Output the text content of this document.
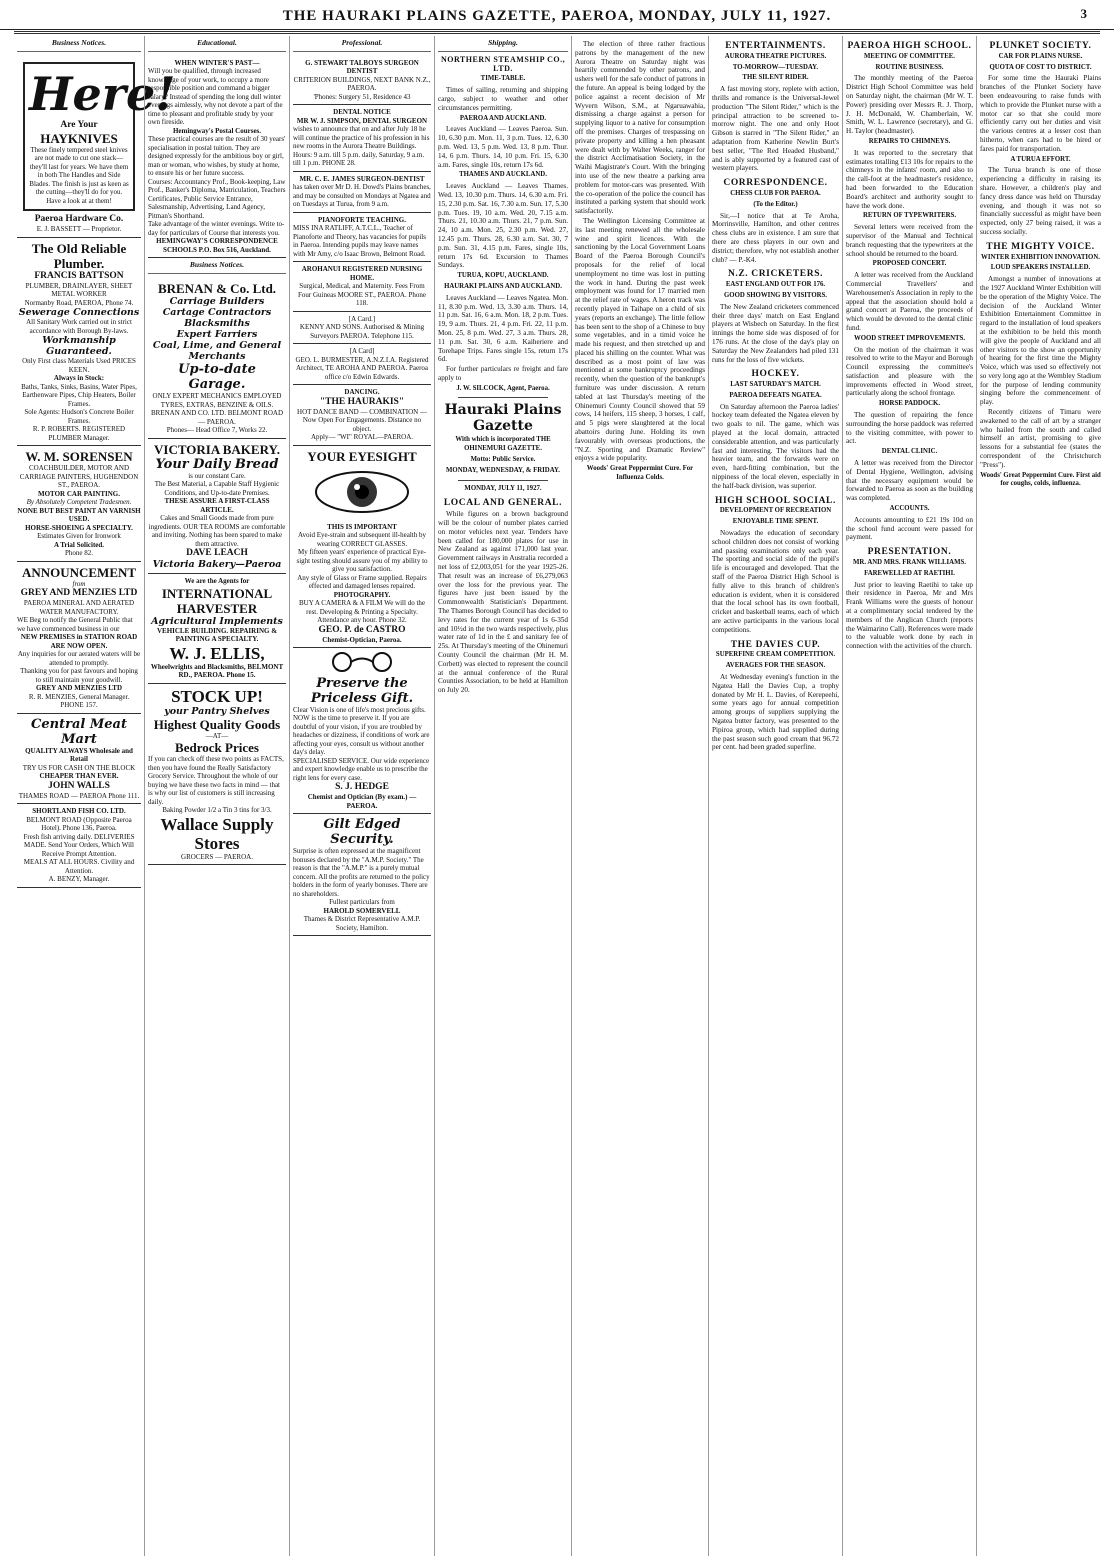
THE HAURAKI PLAINS GAZETTE, PAEROA, MONDAY, JULY 11, 1927.	3
Business Notices.
Here!
Are Your
HAYKNIVES
These finely tempered steel knives are not made to cut one stack—they'll last for years. We have them in both The Handles and Side Blades. The finish is just as keen as the cutting—they'll do for you. Have a look at at them!
Paeroa Hardware Co.
E. J. BASSETT — Proprietor.
The Old Reliable Plumber.
FRANCIS BATTSON
PLUMBER, DRAINLAYER, SHEET METAL WORKER
Normanby Road, PAEROA, Phone 74.
Sewerage Connections
All Sanitary Work carried out in strict accordance with Borough By-laws.
Workmanship Guaranteed.
Only First class Materials Used PRICES KEEN.
Always in Stock:
Baths, Tanks, Sinks, Basins, Water Pipes, Earthenware Pipes, Chip Heaters, Boiler Frames.
Sole Agents: Hudson's Concrete Boiler Frames.
R. P. ROBERTS. REGISTERED PLUMBER Manager.
W. M. SORENSEN
COACHBUILDER, MOTOR AND CARRIAGE PAINTERS, HUGHENDON ST., PAEROA.
MOTOR CAR PAINTING.
By Absolutely Competent Tradesmen.
NONE BUT BEST PAINT AN VARNISH USED.
HORSE-SHOEING A SPECIALTY.
Estimates Given for Ironwork
A Trial Solicited.
Phone 82.
ANNOUNCEMENT
from
GREY AND MENZIES LTD
PAEROA MINERAL AND AERATED WATER MANUFACTORY.
WE Beg to notify the General Public that we have commenced business in our
NEW PREMISES in STATION ROAD ARE NOW OPEN.
Any inquiries for our aerated waters will be attended to promptly.
Thanking you for past favours and hoping to still maintain your goodwill.
GREY AND MENZIES LTD
R. R. MENZIES, General Manager.
PHONE 157.
Central Meat Mart
QUALITY ALWAYS Wholesale and Retail
TRY US FOR CASH ON THE BLOCK
CHEAPER THAN EVER.
JOHN WALLS
THAMES ROAD — PAEROA Phone 111.
SHORTLAND FISH CO. LTD.
BELMONT ROAD (Opposite Paeroa Hotel). Phone 136, Paeroa.
Fresh fish arriving daily. DELIVERIES MADE. Send Your Orders, Which Will Receive Prompt Attention.
MEALS AT ALL HOURS. Civility and Attention.
A. BENZY, Manager.
Educational.
WHEN WINTER'S PAST—
Will you be qualified, through increased knowledge of your work, to occupy a more responsible position and command a bigger salary? Instead of spending the long dull winter evenings aimlessly, why not devote a part of the time to pleasant and profitable study by your own fireside.
Hemingway's Postal Courses.
These practical courses are the result of 30 years' specialisation in postal tuition. They are designed expressly for the ambitious boy or girl, man or woman, who wishes, by study at home, to ensure his or her future success.
Courses: Accountancy Prof., Book-keeping, Law Prof., Banker's Diploma, Matriculation, Teachers Certificates, Public Service Entrance, Salesmanship, Advertising, Land Agency, Pitman's Shorthand.
Take advantage of the winter evenings. Write to-day for particulars of Course that interests you.
HEMINGWAY'S CORRESPONDENCE SCHOOLS P.O. Box 516, Auckland.
Business Notices.
BRENAN & Co. Ltd.
Carriage Builders
Cartage Contractors
Blacksmiths
Expert Farriers
Coal, Lime, and General Merchants
Up-to-date Garage.
ONLY EXPERT MECHANICS EMPLOYED
TYRES, EXTRAS, BENZINE & OILS.
BRENAN AND CO. LTD. BELMONT ROAD — PAEROA.
Phones— Head Office 7, Works 22.
VICTORIA BAKERY.
Your Daily Bread
is our constant Care.
The Best Material, a Capable Staff Hygienic Conditions, and Up-to-date Premises.
THESE ASSURE A FIRST-CLASS ARTICLE.
Cakes and Small Goods made from pure ingredients. OUR TEA ROOMS are comfortable and inviting. Nothing has been spared to make them attractive.
DAVE LEACH
Victoria Bakery—Paeroa
We are the Agents for
INTERNATIONAL HARVESTER
Agricultural Implements
VEHICLE BUILDING. REPAIRING & PAINTING A SPECIALTY.
W. J. ELLIS,
Wheelwrights and Blacksmiths, BELMONT RD., PAEROA. Phone 15.
STOCK UP!
your Pantry Shelves
Highest Quality Goods
—AT—
Bedrock Prices
If you can check off these two points as FACTS, then you have found the Really Satisfactory Grocery Service. Throughout the whole of our buying we have these two facts in mind — that is why our list of customers is still increasing daily.
Baking Powder 1/2 a Tin 3 tins for 3/3.
Wallace Supply Stores
GROCERS — PAEROA.
Professional.
G. STEWART TALBOYS SURGEON DENTIST
CRITERION BUILDINGS, NEXT BANK N.Z., PAEROA.
'Phones: Surgery 51, Residence 43
DENTAL NOTICE
MR W. J. SIMPSON, DENTAL SURGEON
wishes to announce that on and after July 18 he will continue the practice of his profession in his new rooms in the Aurora Theatre Buildings. Hours: 9 a.m. till 5 p.m. daily, Saturday, 9 a.m. till 1 p.m. PHONE 28.
MR. C. E. JAMES SURGEON-DENTIST
has taken over Mr D. H. Dowd's Plains branches, and may be consulted on Mondays at Ngatea and on Tuesdays at Turua, from 9 a.m.
PIANOFORTE TEACHING.
MISS INA RATLIFF, A.T.C.L., Teacher of Pianoforte and Theory, has vacancies for pupils in Paeroa. Intending pupils may leave names with Mr Amy, c/o Isaac Brown, Belmont Road.
AROHANUI REGISTERED NURSING HOME.
Surgical, Medical, and Maternity. Fees From Four Guineas MOORE ST., PAEROA. Phone 118.
[A Card.]
KENNY AND SONS. Authorised & Mining Surveyors PAEROA. Telephone 115.
[A Card]
GEO. L. BURMESTER, A.N.Z.I.A. Registered Architect, TE AROHA AND PAEROA. Paeroa office c/o Edwin Edwards.
DANCING.
"THE HAURAKIS"
HOT DANCE BAND — COMBINATION —
Now Open For Engagements. Distance no object.
Apply— "WI" ROYAL—PAEROA.
YOUR EYESIGHT
THIS IS IMPORTANT
Avoid Eye-strain and subsequent ill-health by wearing CORRECT GLASSES.
My fifteen years' experience of practical Eye-sight testing should assure you of my ability to give you satisfaction.
Any style of Glass or Frame supplied. Repairs effected and damaged lenses repaired.
PHOTOGRAPHY.
BUY A CAMERA & A FILM We will do the rest. Developing & Printing a Specialty. Attendance any hour. Phone 32.
GEO. P. de CASTRO
Chemist-Optician, Paeroa.
Preserve the Priceless Gift.
Clear Vision is one of life's most precious gifts. NOW is the time to preserve it. If you are doubtful of your vision, if you are troubled by headaches or dizziness, if conditions of work are affecting your eyes, consult us without another day's delay.
SPECIALISED SERVICE. Our wide experience and expert knowledge enable us to prescribe the right lens for every case.
S. J. HEDGE
Chemist and Optician (By exam.) — PAEROA.
Gilt Edged Security.
Surprise is often expressed at the magnificent bonuses declared by the "A.M.P. Society." The reason is that the "A.M.P." is a purely mutual concern. All the profits are returned to the policy holders in the form of yearly bonuses. There are no shareholders.
Fullest particulars from
HAROLD SOMERVELL
Thames & District Representative A.M.P. Society, Hamilton.
Shipping.
NORTHERN STEAMSHIP CO., LTD.
TIME-TABLE.

Times of sailing, returning and shipping cargo, subject to weather and other circumstances permitting.

PAEROA AND AUCKLAND.

Leaves Auckland — Leaves Paeroa. Sun. 10, 6.30 p.m. Mon. 11, 3 p.m. Tues. 12, 6.30 p.m. Wed. 13, 5 p.m. Wed. 13, 8 p.m. Thur. 14, 6 p.m. Thurs. 14, 10 p.m. Fri. 15, 6.30 a.m. Fares, single 10s, return 17s 6d.

THAMES AND AUCKLAND.

Leaves Auckland — Leaves Thames. Wed. 13, 10.30 p.m. Thurs. 14, 6.30 a.m. Fri. 15, 2.30 p.m. Sat. 16, 7.30 a.m. Sun. 17, 5.30 p.m. Tues. 19, 10 a.m. Wed. 20, 7.15 a.m. Thurs. 21, 10.30 a.m. Thurs. 21, 7 p.m. Sun. 24, 10 a.m. Mon. 25, 2.30 p.m. Wed. 27, 12.45 p.m. Thurs. 28, 6.30 a.m. Sat. 30, 7 p.m. Sun. 31, 4.15 p.m. Fares, single 10s, return 17s 6d. Excursion to Thames Sundays.

TURUA, KOPU, AUCKLAND.
HAURAKI PLAINS AND AUCKLAND.

Leaves Auckland — Leaves Ngatea. Mon. 11, 8.30 p.m. Wed. 13, 3.30 a.m. Thurs. 14, 11 p.m. Sat. 16, 6 a.m. Mon. 18, 2 p.m. Tues. 19, 9 a.m. Thurs. 21, 4 p.m. Fri. 22, 11 p.m. Mon. 25, 8 p.m. Wed. 27, 3 a.m. Thurs. 28, 11 p.m. Sat. 30, 6 a.m. Kaiheriere and Torehape Trips. Fares single 15s, return 17s 6d.

For further particulars re freight and fare apply to

J. W. SILCOCK, Agent, Paeroa.
Hauraki Plains Gazette
With which is incorporated THE OHINEMURI GAZETTE.
Motto: Public Service.
MONDAY, WEDNESDAY, & FRIDAY.
MONDAY, JULY 11, 1927.
LOCAL AND GENERAL.

While figures on a brown background will be the colour of number plates carried on motor vehicles next year. Tenders have been called for 180,000 plates for use in New Zealand as against 171,000 last year. Government railways in Australia recorded a net loss of £2,003,051 for the year 1925-26. That result was an increase of £6,279,063 over the loss for the previous year. The figures have just been issued by the Commonwealth Statistician's Department. The Thames Borough Council has decided to levy rates for the current year of 1s 6-35d and 10½d in the two wards respectively, plus water rate of 1d in the £ and sanitary fee of 25s. At Thursday's meeting of the Ohinemuri County Council the chairman (Mr H. M. Corbett) was elected to represent the council at the annual conference of the Rural Counties Association, to be held at Hamilton on July 20.

The election of three rather fractious patrons by the management of the new Aurora Theatre on Saturday night was heartily commended by other patrons, and ushers well for the safe conduct of patrons in the future. An appeal is being lodged by the police against a recent decision of Mr Wyvern Wilson, S.M., at Ngaruawahia, dismissing a charge against a person for supplying liquor to a native for consumption off the premises. Charges of trespassing on private property and killing a hen pheasant were dealt with by Walter Weeks, ranger for the district Acclimatisation Society, in the Waihi Magistrate's Court. With the bringing into use of the new theatre a parking area problem for motor-cars was presented. With the co-operation of the police the council has instituted a parking system that should work satisfactorily.

The Wellington Licensing Committee at its last meeting renewed all the wholesale wine and spirit licences. With the sanctioning by the Local Government Loans Board of the Paeroa Borough Council's proposals for the relief of local unemployment no time was lost in putting the work in hand. During the past week employment was found for 17 married men at the relief rate of wages. A heron track was recently played in Taihape on a child of six years (reports an exchange). The little fellow has been sent to the shop of a Chinese to buy some vegetables, and in a timid voice he made his request, and then stretched up and placed his shilling on the counter. What was described as a most point of law was mentioned at some bankruptcy proceedings recently, when the question of the bankrupt's furniture was under discussion. A return tabled at last Thursday's meeting of the Ohinemuri County Council showed that 59 cows, 14 heifers, 115 sheep, 3 horses, 1 calf, and 5 pigs were slaughtered at the local abattoirs during June. Holding its own favourably with overseas productions, the "N.Z. Sporting and Dramatic Review" enjoys a wide popularity.

Woods' Great Peppermint Cure. For Influenza Colds.
ENTERTAINMENTS.
AURORA THEATRE PICTURES.
TO-MORROW—TUESDAY.
THE SILENT RIDER.

A fast moving story, replete with action, thrills and romance is the Universal-Jewel production "The Silent Rider," which is the principal attraction to be screened to-morrow night. The one and only Hoot Gibson is starred in "The Silent Rider," an adaptation from Katherine Newlin Burt's best seller, "The Red Headed Husband," and is ably supported by a featured cast of western players.

CORRESPONDENCE.
CHESS CLUB FOR PAEROA.
(To the Editor.)

Sir,—I notice that at Te Aroha, Morrinsville, Hamilton, and other centres chess clubs are in existence. I am sure that there are chess players in our own and district; therefore, why not establish another club? — P.-K4.

N.Z. CRICKETERS.
EAST ENGLAND OUT FOR 176.
GOOD SHOWING BY VISITORS.

The New Zealand cricketers commenced their three days' match on East England players at Wisbech on Saturday. In the first innings the home side was disposed of for 176 runs. At the close of the day's play on Saturday the New Zealanders had piled 131 runs for the loss of five wickets.

HOCKEY.
LAST SATURDAY'S MATCH.
PAEROA DEFEATS NGATEA.

On Saturday afternoon the Paeroa ladies' hockey team defeated the Ngatea eleven by two goals to nil. The game, which was played at the local domain, attracted considerable attention, and was particularly fast and interesting. The visitors had the heavier team, and the forwards were on even, hard-fitting combination, but the nippiness of the local eleven, especially in the half-back division, was superior.

HIGH SCHOOL SOCIAL.
DEVELOPMENT OF RECREATION
ENJOYABLE TIME SPENT.

Nowadays the education of secondary school children does not consist of working and passing examinations only each year. The sporting and social side of the pupil's life is encouraged and developed. That the staff of the Paeroa District High School is fully alive to this branch of children's education is evident, when it is considered that the local school has its own football, cricket and basketball teams, each of which are active participants in the various local competitions.

THE DAVIES CUP.
SUPERFINE CREAM COMPETITION.
AVERAGES FOR THE SEASON.

At Wednesday evening's function in the Ngatea Hall the Davies Cup, a trophy donated by Mr H. L. Davies, of Kerepeehi, some years ago for annual competition among groups of suppliers supplying the Ngatea butter factory, was presented to the Pipiroa group, which had supplied during the past season such good cream that 96.72 per cent. had been graded superfine.

PAEROA HIGH SCHOOL.
MEETING OF COMMITTEE.
ROUTINE BUSINESS.

The monthly meeting of the Paeroa District High School Committee was held on Saturday night, the chairman (Mr W. T. Power) presiding over Messrs R. J. Thorp, J. H. McDonald, W. Chamberlain, W. Smith, W. L. Lawrence (secretary), and G. H. Taylor (headmaster).

REPAIRS TO CHIMNEYS.

It was reported to the secretary that estimates totalling £13 10s for repairs to the chimneys in the infants' room, and also to the call-foot at the headmaster's residence, had been forwarded to the Education Board's architect and authority sought to have the work done.

RETURN OF TYPEWRITERS.

Several letters were received from the supervisor of the Manual and Technical branch requesting that the typewriters at the school should be returned to the board.

PROPOSED CONCERT.

A letter was received from the Auckland Commercial Travellers' and Warehousemen's Association in reply to the appeal that the association should hold a grand concert at Paeroa, the proceeds of which would be devoted to the dental clinic fund.

WOOD STREET IMPROVEMENTS.

On the motion of the chairman it was resolved to write to the Mayor and Borough Council expressing the committee's satisfaction and pleasure with the improvements effected in Wood street, particularly along the school frontage.

HORSE PADDOCK.

The question of repairing the fence surrounding the horse paddock was referred to the visiting committee, with power to act.

DENTAL CLINIC.

A letter was received from the Director of Dental Hygiene, Wellington, advising that the necessary equipment would be forwarded to Paeroa as soon as the building was completed.

ACCOUNTS.

Accounts amounting to £21 19s 10d on the school fund account were passed for payment.

PRESENTATION.
MR. AND MRS. FRANK WILLIAMS.
FAREWELLED AT RAETIHI.

Just prior to leaving Raetihi to take up their residence in Paeroa, Mr and Mrs Frank Williams were the guests of honour at a complimentary social tendered by the members of the Anglican Church (reports the Waimarino Call). References were made to the valuable work done by each in connection with the activities of the church.

PLUNKET SOCIETY.
CAR FOR PLAINS NURSE.
QUOTA OF COST TO DISTRICT.

For some time the Hauraki Plains branches of the Plunket Society have been endeavouring to raise funds with which to provide the Plunket nurse with a motor car so that she could more efficiently carry out her duties and visit the various centres at a lesser cost than hitherto, when cars had to be hired or fares paid for transportation.

A TURUA EFFORT.

The Turua branch is one of those experiencing a difficulty in raising its share. However, a children's play and fancy dress dance was held on Thursday evening, and though it was not so financially successful as might have been expected, only 27 being raised, it was a success socially.

THE MIGHTY VOICE.
WINTER EXHIBITION INNOVATION.
LOUD SPEAKERS INSTALLED.

Amongst a number of innovations at the 1927 Auckland Winter Exhibition will be the operation of the Mighty Voice. The decision of the Auckland Winter Exhibition Entertainment Committee in regard to the installation of loud speakers at the exhibition to be held this month will give the people of Auckland and all other visitors to the show an opportunity of hearing for the first time the Mighty Voice, which was used so effectively not so very long ago at the Wembley Stadium for the purpose of lending community singing before the commencement of play.

Recently citizens of Timaru were awakened to the call of art by a stranger who hailed from the south and called himself an artist, promising to give lessons for a substantial fee (states the correspondent of the Christchurch "Press").

Woods' Great Peppermint Cure. First aid for coughs, colds, influenza.
